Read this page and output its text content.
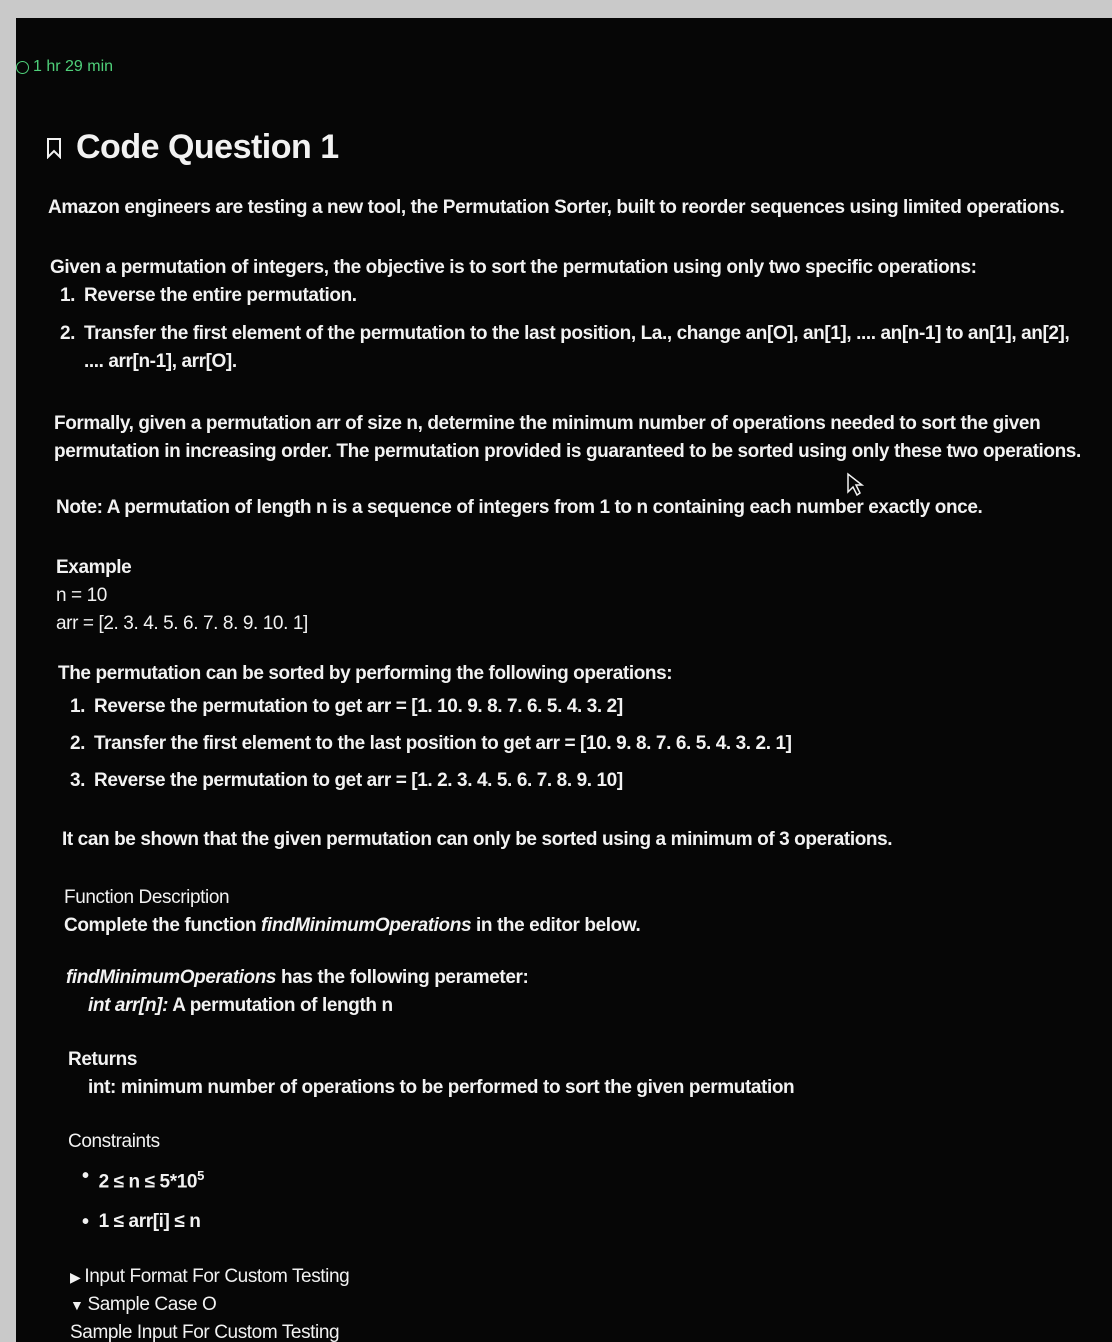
1 hr 29 min
Code Question 1
Amazon engineers are testing a new tool, the Permutation Sorter, built to reorder sequences using limited operations.
Given a permutation of integers, the objective is to sort the permutation using only two specific operations:
1. Reverse the entire permutation.
2. Transfer the first element of the permutation to the last position, La., change an[O], an[1], .... an[n-1] to an[1], an[2], .... arr[n-1], arr[O].
Formally, given a permutation arr of size n, determine the minimum number of operations needed to sort the given permutation in increasing order. The permutation provided is guaranteed to be sorted using only these two operations.
Note: A permutation of length n is a sequence of integers from 1 to n containing each number exactly once.
Example
n = 10
arr = [2. 3. 4. 5. 6. 7. 8. 9. 10. 1]
The permutation can be sorted by performing the following operations:
1. Reverse the permutation to get arr = [1. 10. 9. 8. 7. 6. 5. 4. 3. 2]
2. Transfer the first element to the last position to get arr = [10. 9. 8. 7. 6. 5. 4. 3. 2. 1]
3. Reverse the permutation to get arr = [1. 2. 3. 4. 5. 6. 7. 8. 9. 10]
It can be shown that the given permutation can only be sorted using a minimum of 3 operations.
Function Description
Complete the function findMinimumOperations in the editor below.
findMinimumOperations has the following perameter:
int arr[n]: A permutation of length n
Returns
int: minimum number of operations to be performed to sort the given permutation
Constraints
• $2 \le n \le 5*10^5$
• 1 ≤ arr[i] ≤ n
▶ Input Format For Custom Testing
▼ Sample Case O
Sample Input For Custom Testing
